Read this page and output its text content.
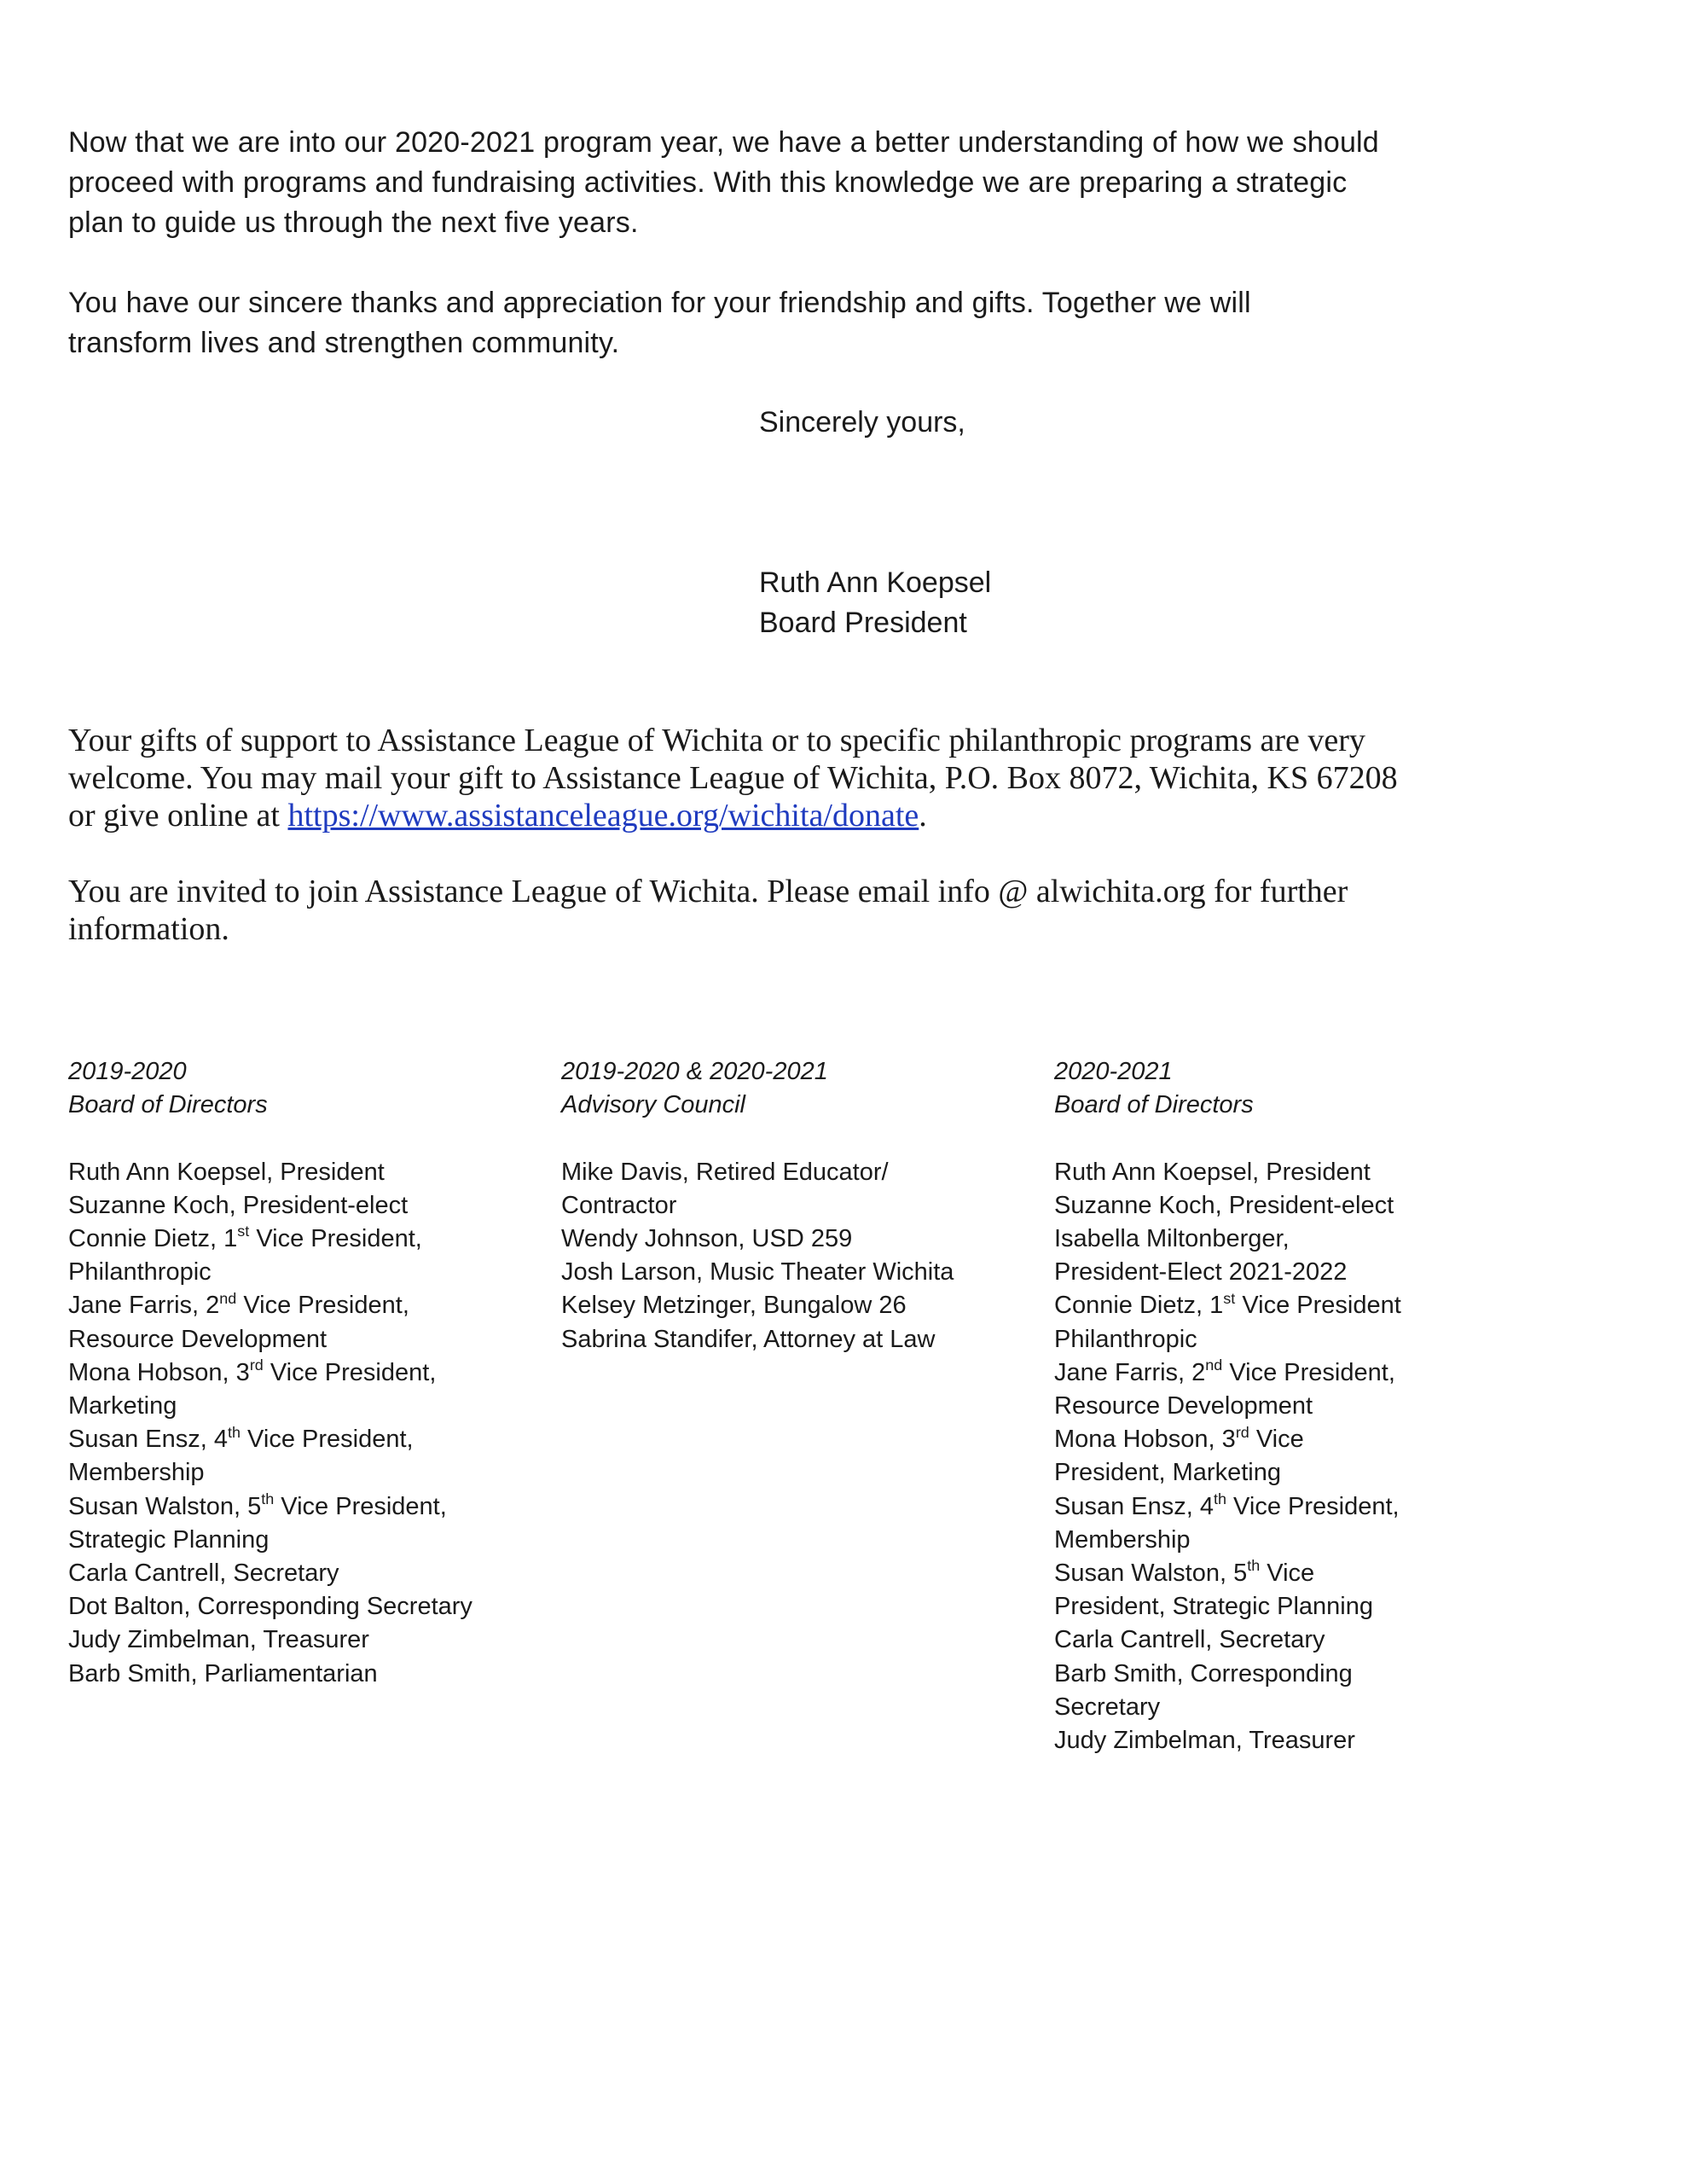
Now that we are into our 2020-2021 program year, we have a better understanding of how we should
proceed with programs and fundraising activities. With this knowledge we are preparing a strategic
plan to guide us through the next five years.
You have our sincere thanks and appreciation for your friendship and gifts. Together we will
transform lives and strengthen community.
Sincerely yours,
Ruth Ann Koepsel
Board President
Your gifts of support to Assistance League of Wichita or to specific philanthropic programs are very
welcome. You may mail your gift to Assistance League of Wichita, P.O. Box 8072, Wichita, KS 67208
or give online at https://www.assistanceleague.org/wichita/donate.
You are invited to join Assistance League of Wichita. Please email info @ alwichita.org for further
information.
2019-2020
Board of Directors
Ruth Ann Koepsel, President
Suzanne Koch, President-elect
Connie Dietz, 1st Vice President,
Philanthropic
Jane Farris, 2nd Vice President,
Resource Development
Mona Hobson, 3rd Vice President,
Marketing
Susan Ensz, 4th Vice President,
Membership
Susan Walston, 5th Vice President,
Strategic Planning
Carla Cantrell, Secretary
Dot Balton, Corresponding Secretary
Judy Zimbelman, Treasurer
Barb Smith, Parliamentarian
2019-2020 & 2020-2021
Advisory Council
Mike Davis, Retired Educator/
Contractor
Wendy Johnson, USD 259
Josh Larson, Music Theater Wichita
Kelsey Metzinger, Bungalow 26
Sabrina Standifer, Attorney at Law
2020-2021
Board of Directors
Ruth Ann Koepsel, President
Suzanne Koch, President-elect
Isabella Miltonberger,
President-Elect 2021-2022
Connie Dietz, 1st Vice President
Philanthropic
Jane Farris, 2nd Vice President,
Resource Development
Mona Hobson, 3rd Vice
President, Marketing
Susan Ensz, 4th Vice President,
Membership
Susan Walston, 5th Vice
President, Strategic Planning
Carla Cantrell, Secretary
Barb Smith, Corresponding
Secretary
Judy Zimbelman, Treasurer
